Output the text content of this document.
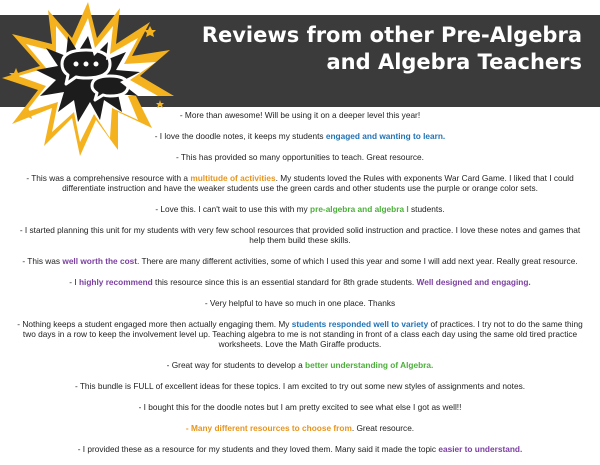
Reviews from other Pre-Algebra
and Algebra Teachers

- More than awesome! Will be using it on a deeper level this year!

- I love the doodle notes, it keeps my students engaged and wanting to learn.

- This has provided so many opportunities to teach. Great resource.

- This was a comprehensive resource with a multitude of activities. My students loved the Rules with exponents War Card Game. I liked that I could differentiate instruction and have the weaker students use the green cards and other students use the purple or orange color sets.

- Love this. I can't wait to use this with my pre-algebra and algebra I students.

- I started planning this unit for my students with very few school resources that provided solid instruction and practice. I love these notes and games that help them build these skills.

- This was well worth the cost. There are many different activities, some of which I used this year and some I will add next year. Really great resource.

- I highly recommend this resource since this is an essential standard for 8th grade students. Well designed and engaging.

- Very helpful to have so much in one place. Thanks

- Nothing keeps a student engaged more then actually engaging them. My students responded well to variety of practices. I try not to do the same thing two days in a row to keep the involvement level up. Teaching algebra to me is not standing in front of a class each day using the same old tired practice worksheets. Love the Math Giraffe products.

- Great way for students to develop a better understanding of Algebra.

- This bundle is FULL of excellent ideas for these topics. I am excited to try out some new styles of assignments and notes.

- I bought this for the doodle notes but I am pretty excited to see what else I got as well!!

- Many different resources to choose from. Great resource.

- I provided these as a resource for my students and they loved them. Many said it made the topic easier to understand.
